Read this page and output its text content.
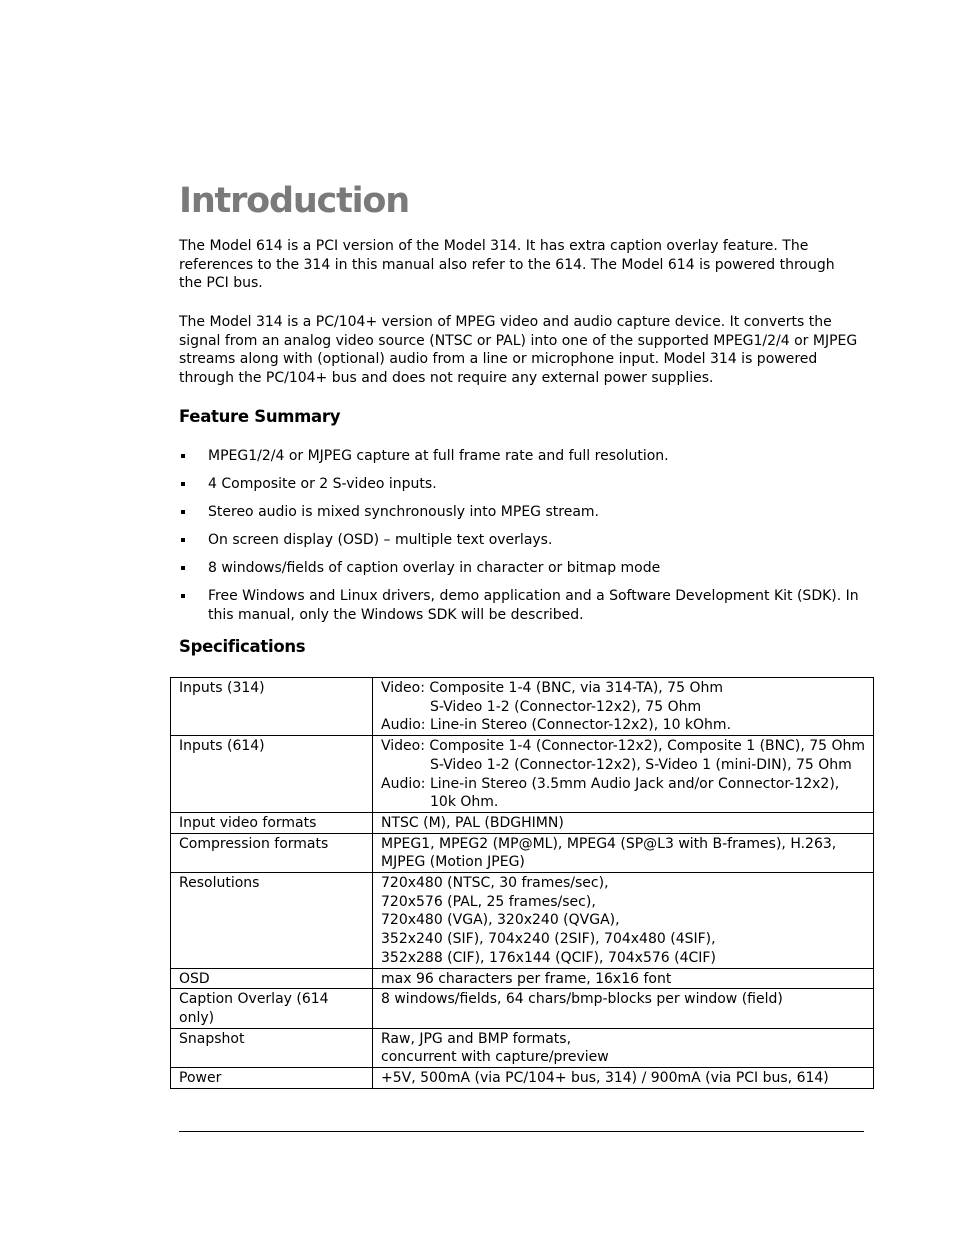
Introduction

The Model 614 is a PCI version of the Model 314. It has extra caption overlay feature. The
references to the 314 in this manual also refer to the 614. The Model 614 is powered through
the PCI bus.

The Model 314 is a PC/104+ version of MPEG video and audio capture device. It converts the
signal from an analog video source (NTSC or PAL) into one of the supported MPEG1/2/4 or MJPEG
streams along with (optional) audio from a line or microphone input. Model 314 is powered
through the PC/104+ bus and does not require any external power supplies.

Feature Summary
MPEG1/2/4 or MJPEG capture at full frame rate and full resolution.
4 Composite or 2 S-video inputs.
Stereo audio is mixed synchronously into MPEG stream.
On screen display (OSD) – multiple text overlays.
8 windows/fields of caption overlay in character or bitmap mode
Free Windows and Linux drivers, demo application and a Software Development Kit (SDK). In this manual, only the Windows SDK will be described.
Specifications
Inputs (314)	Video: Composite 1-4 (BNC, via 314-TA), 75 Ohm
S-Video 1-2 (Connector-12x2), 75 Ohm
Audio: Line-in Stereo (Connector-12x2), 10 kOhm.

Inputs (614)	Video: Composite 1-4 (Connector-12x2), Composite 1 (BNC), 75 Ohm
S-Video 1-2 (Connector-12x2), S-Video 1 (mini-DIN), 75 Ohm
Audio: Line-in Stereo (3.5mm Audio Jack and/or Connector-12x2),
10k Ohm.

Input video formats	NTSC (M), PAL (BDGHIMN)

Compression formats	MPEG1, MPEG2 (MP@ML), MPEG4 (SP@L3 with B-frames), H.263,
MJPEG (Motion JPEG)

Resolutions	720x480 (NTSC, 30 frames/sec),
720x576 (PAL, 25 frames/sec),
720x480 (VGA), 320x240 (QVGA),
352x240 (SIF), 704x240 (2SIF), 704x480 (4SIF),
352x288 (CIF), 176x144 (QCIF), 704x576 (4CIF)

OSD	max 96 characters per frame, 16x16 font

Caption Overlay (614 only)	8 windows/fields, 64 chars/bmp-blocks per window (field)

Snapshot	Raw, JPG and BMP formats,
concurrent with capture/preview

Power	+5V, 500mA (via PC/104+ bus, 314) / 900mA (via PCI bus, 614)
